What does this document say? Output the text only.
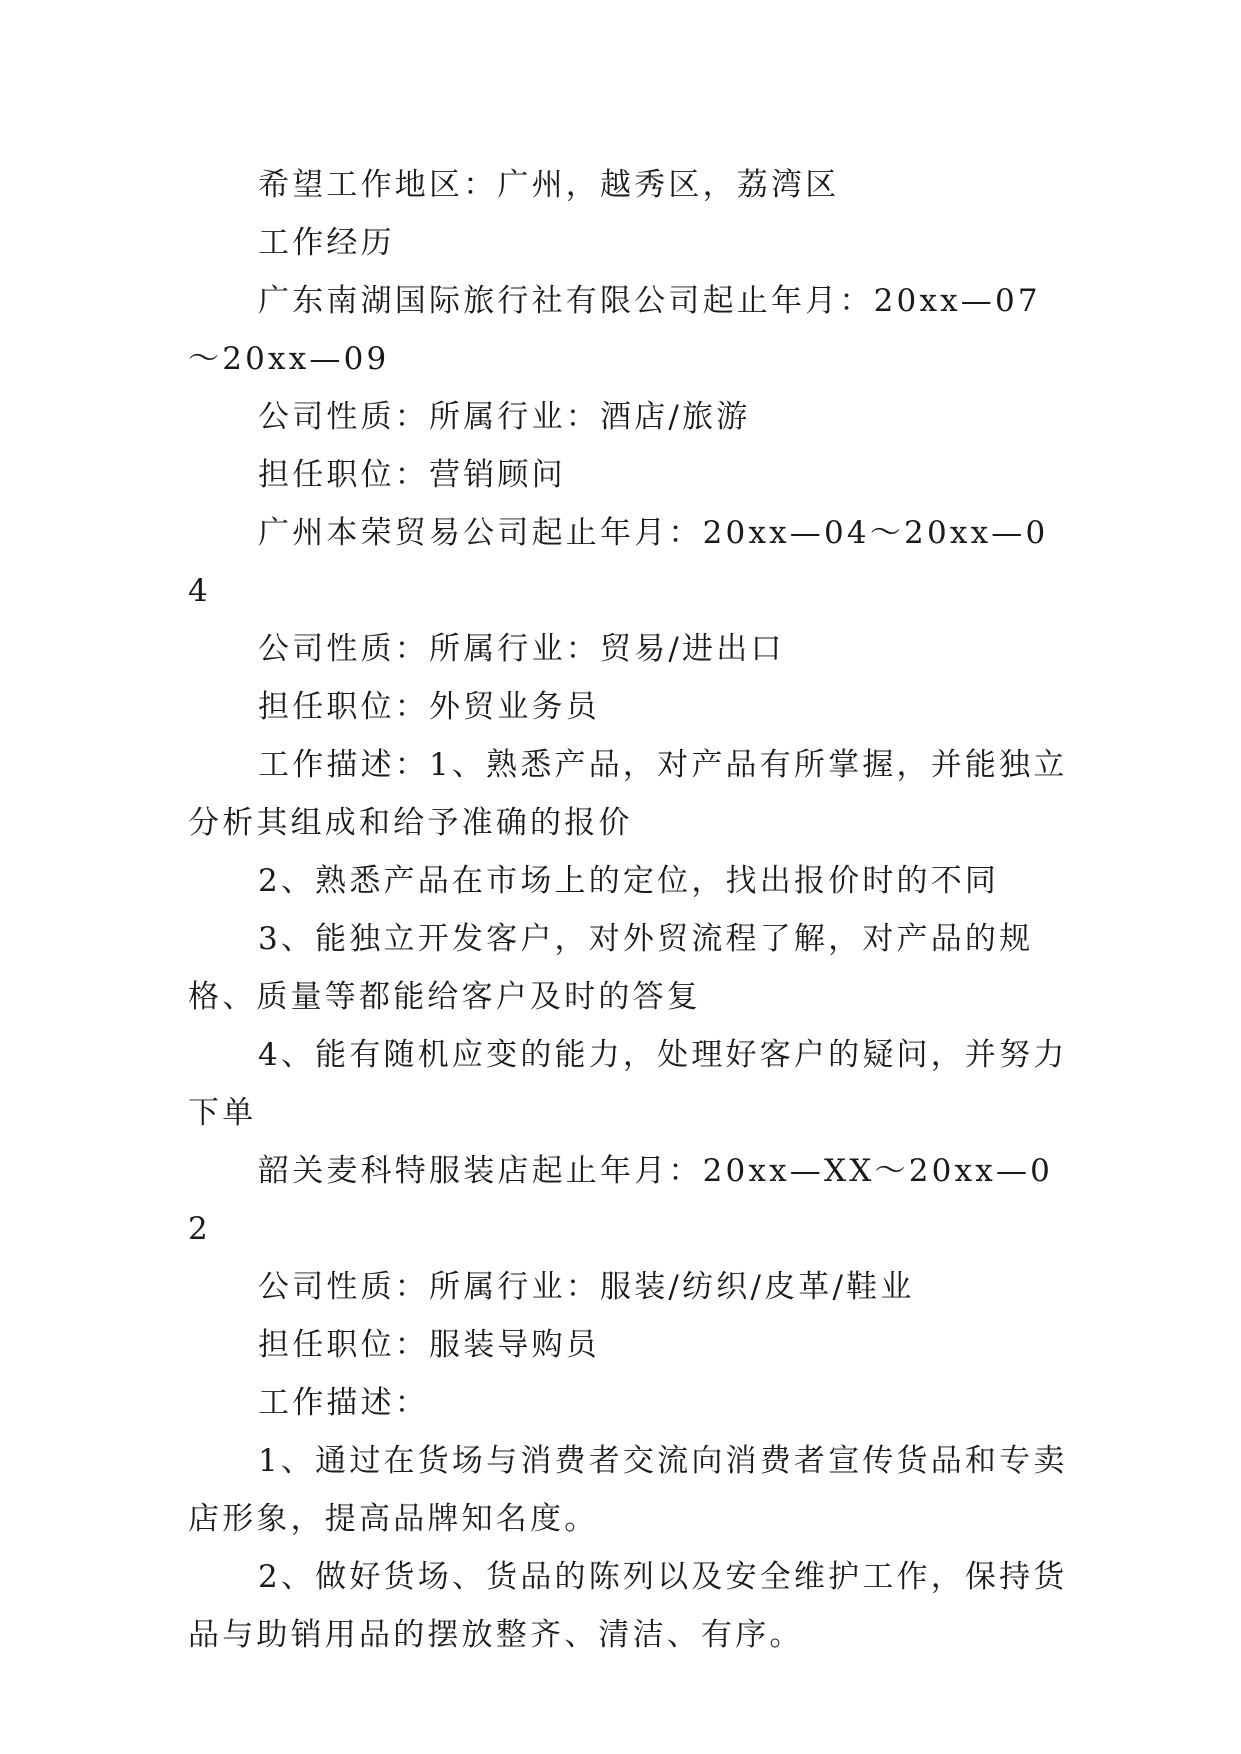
希望工作地区：广州，越秀区，荔湾区

工作经历

广东南湖国际旅行社有限公司起止年月：20xx—07～20xx—09

公司性质：所属行业：酒店/旅游

担任职位：营销顾问

广州本荣贸易公司起止年月：20xx—04～20xx—04

公司性质：所属行业：贸易/进出口

担任职位：外贸业务员

工作描述：1、熟悉产品，对产品有所掌握，并能独立分析其组成和给予准确的报价

2、熟悉产品在市场上的定位，找出报价时的不同

3、能独立开发客户，对外贸流程了解，对产品的规格、质量等都能给客户及时的答复

4、能有随机应变的能力，处理好客户的疑问，并努力下单

韶关麦科特服装店起止年月：20xx—XX～20xx—02

公司性质：所属行业：服装/纺织/皮革/鞋业

担任职位：服装导购员

工作描述：

1、通过在货场与消费者交流向消费者宣传货品和专卖店形象，提高品牌知名度。

2、做好货场、货品的陈列以及安全维护工作，保持货品与助销用品的摆放整齐、清洁、有序。
